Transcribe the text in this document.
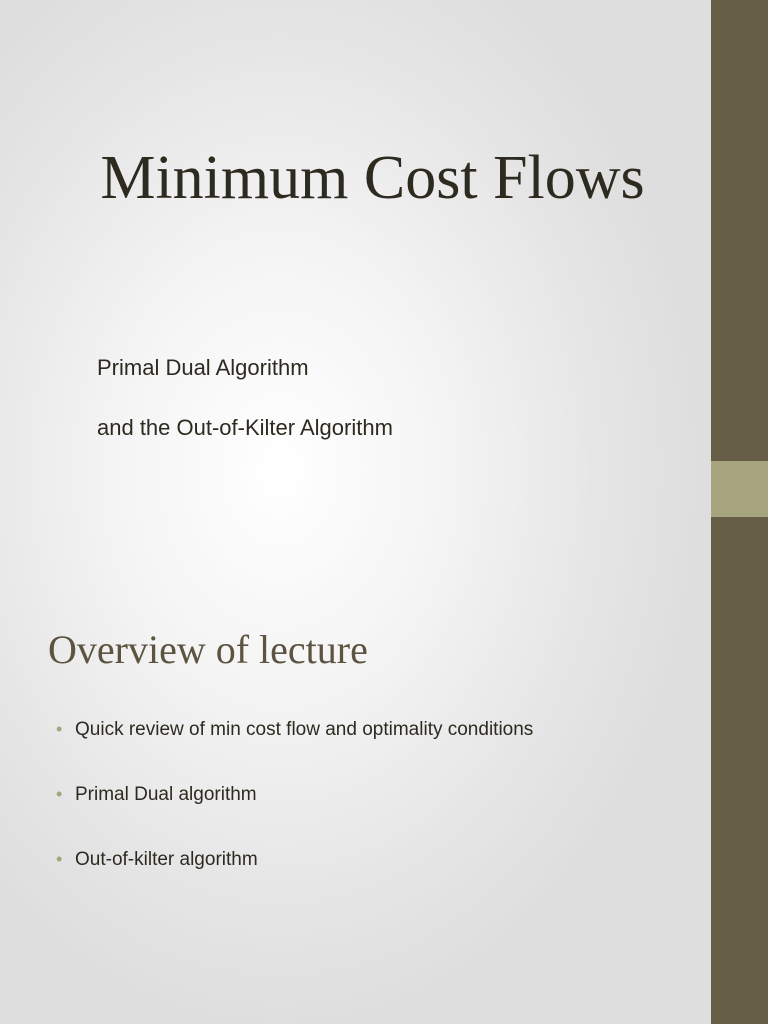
Minimum Cost Flows
Primal Dual Algorithm
and the Out-of-Kilter Algorithm
Overview of lecture
• Quick review of min cost flow and optimality conditions
• Primal Dual algorithm
• Out-of-kilter algorithm
